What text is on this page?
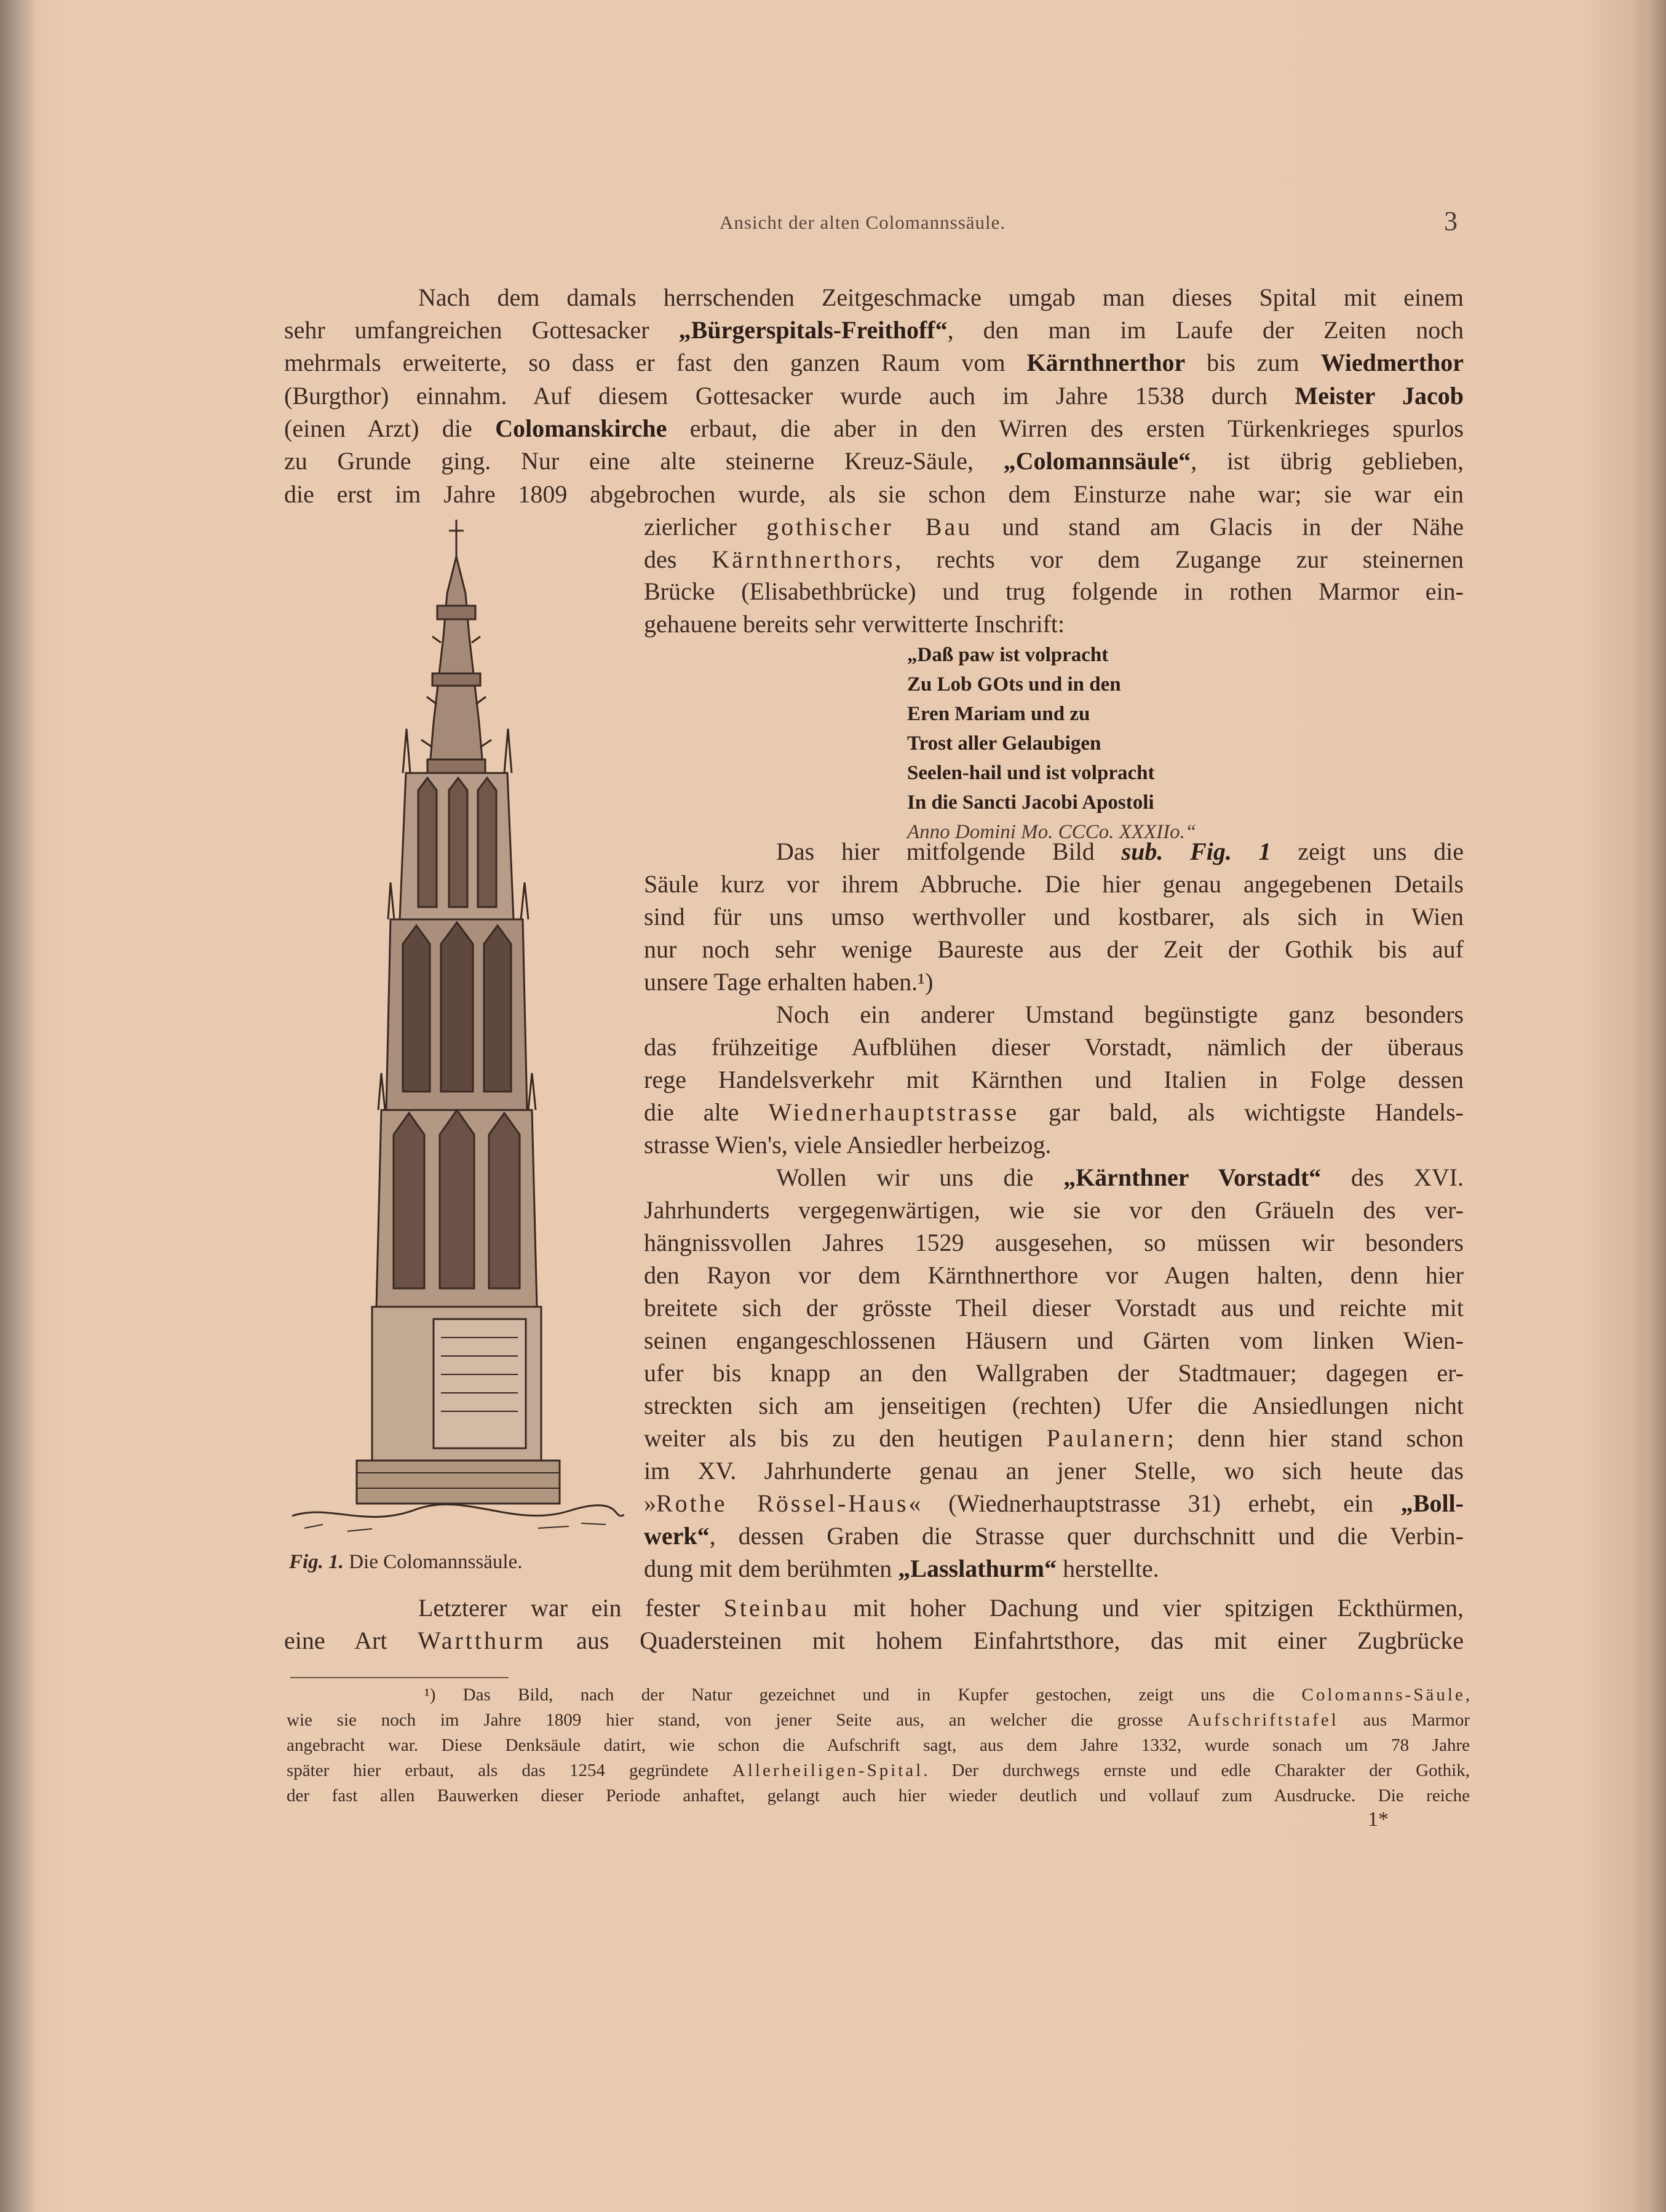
Ansicht der alten Colomannssäule.	3
Nach dem damals herrschenden Zeitgeschmacke umgab man dieses Spital mit einem
sehr umfangreichen Gottesacker „Bürgerspitals-Freithoff“, den man im Laufe der Zeiten noch
mehrmals erweiterte, so dass er fast den ganzen Raum vom Kärnthnerthor bis zum Wiedmerthor
(Burgthor) einnahm. Auf diesem Gottesacker wurde auch im Jahre 1538 durch Meister Jacob
(einen Arzt) die Colomanskirche erbaut, die aber in den Wirren des ersten Türkenkrieges spurlos
zu Grunde ging. Nur eine alte steinerne Kreuz-Säule, „Colomannsäule“, ist übrig geblieben,
die erst im Jahre 1809 abgebrochen wurde, als sie schon dem Einsturze nahe war; sie war ein
zierlicher gothischer Bau und stand am Glacis in der Nähe
des Kärnthnerthors, rechts vor dem Zugange zur steinernen
Brücke (Elisabethbrücke) und trug folgende in rothen Marmor ein-
gehauene bereits sehr verwitterte Inschrift:
„Daß paw ist volpracht
Zu Lob GOts und in den
Eren Mariam und zu
Trost aller Gelaubigen
Seelen-hail und ist volpracht
In die Sancti Jacobi Apostoli
Anno Domini Mo. CCCo. XXXIIo.“
Das hier mitfolgende Bild sub. Fig. 1 zeigt uns die
Säule kurz vor ihrem Abbruche. Die hier genau angegebenen Details
sind für uns umso werthvoller und kostbarer, als sich in Wien
nur noch sehr wenige Baureste aus der Zeit der Gothik bis auf
unsere Tage erhalten haben.¹)
Noch ein anderer Umstand begünstigte ganz besonders
das frühzeitige Aufblühen dieser Vorstadt, nämlich der überaus
rege Handelsverkehr mit Kärnthen und Italien in Folge dessen
die alte Wiednerhauptstrasse gar bald, als wichtigste Handels-
strasse Wien's, viele Ansiedler herbeizog.
Wollen wir uns die „Kärnthner Vorstadt“ des XVI.
Jahrhunderts vergegenwärtigen, wie sie vor den Gräueln des ver-
hängnissvollen Jahres 1529 ausgesehen, so müssen wir besonders
den Rayon vor dem Kärnthnerthore vor Augen halten, denn hier
breitete sich der grösste Theil dieser Vorstadt aus und reichte mit
seinen engangeschlossenen Häusern und Gärten vom linken Wien-
ufer bis knapp an den Wallgraben der Stadtmauer; dagegen er-
streckten sich am jenseitigen (rechten) Ufer die Ansiedlungen nicht
weiter als bis zu den heutigen Paulanern; denn hier stand schon
im XV. Jahrhunderte genau an jener Stelle, wo sich heute das
»Rothe Rössel-Haus« (Wiednerhauptstrasse 31) erhebt, ein „Boll-
werk“, dessen Graben die Strasse quer durchschnitt und die Verbin-
dung mit dem berühmten „Lasslathurm“ herstellte.
Letzterer war ein fester Steinbau mit hoher Dachung und vier spitzigen Eckthürmen,
eine Art Wartthurm aus Quadersteinen mit hohem Einfahrtsthore, das mit einer Zugbrücke
Fig. 1. Die Colomannssäule.
¹) Das Bild, nach der Natur gezeichnet und in Kupfer gestochen, zeigt uns die Colomanns-Säule,
wie sie noch im Jahre 1809 hier stand, von jener Seite aus, an welcher die grosse Aufschriftstafel aus Marmor
angebracht war. Diese Denksäule datirt, wie schon die Aufschrift sagt, aus dem Jahre 1332, wurde sonach um 78 Jahre
später hier erbaut, als das 1254 gegründete Allerheiligen-Spital. Der durchwegs ernste und edle Charakter der Gothik,
der fast allen Bauwerken dieser Periode anhaftet, gelangt auch hier wieder deutlich und vollauf zum Ausdrucke. Die reiche
1*
